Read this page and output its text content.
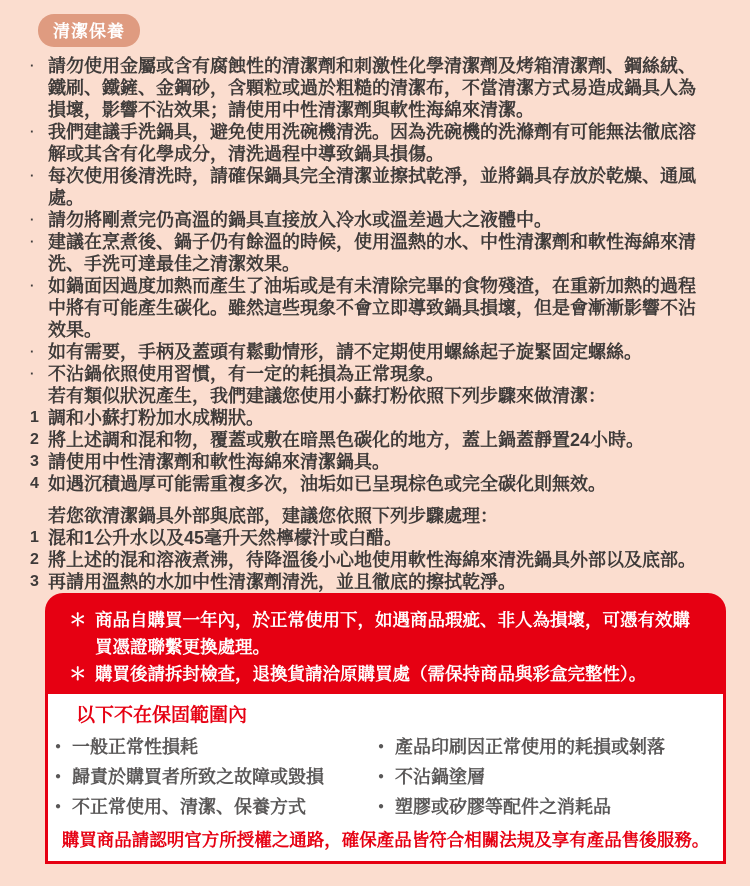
清潔保養
· 請勿使用金屬或含有腐蝕性的清潔劑和刺激性化學清潔劑及烤箱清潔劑、鋼絲絨、鐵刷、鐵鏟、金鋼砂，含顆粒或過於粗糙的清潔布，不當清潔方式易造成鍋具人為損壞，影響不沾效果；請使用中性清潔劑與軟性海綿來清潔。
· 我們建議手洗鍋具，避免使用洗碗機清洗。因為洗碗機的洗滌劑有可能無法徹底溶解或其含有化學成分，清洗過程中導致鍋具損傷。
· 每次使用後清洗時，請確保鍋具完全清潔並擦拭乾淨，並將鍋具存放於乾燥、通風處。
· 請勿將剛煮完仍高溫的鍋具直接放入冷水或溫差過大之液體中。
· 建議在烹煮後、鍋子仍有餘溫的時候，使用溫熱的水、中性清潔劑和軟性海綿來清洗、手洗可達最佳之清潔效果。
· 如鍋面因過度加熱而產生了油垢或是有未清除完畢的食物殘渣，在重新加熱的過程中將有可能產生碳化。雖然這些現象不會立即導致鍋具損壞，但是會漸漸影響不沾效果。
· 如有需要，手柄及蓋頭有鬆動情形，請不定期使用螺絲起子旋緊固定螺絲。
· 不沾鍋依照使用習慣，有一定的耗損為正常現象。
若有類似狀況產生，我們建議您使用小蘇打粉依照下列步驟來做清潔：
1 調和小蘇打粉加水成糊狀。
2 將上述調和混和物，覆蓋或敷在暗黑色碳化的地方，蓋上鍋蓋靜置24小時。
3 請使用中性清潔劑和軟性海綿來清潔鍋具。
4 如遇沉積過厚可能需重複多次，油垢如已呈現棕色或完全碳化則無效。
若您欲清潔鍋具外部與底部，建議您依照下列步驟處理：
1 混和1公升水以及45毫升天然檸檬汁或白醋。
2 將上述的混和溶液煮沸，待降溫後小心地使用軟性海綿來清洗鍋具外部以及底部。
3 再請用溫熱的水加中性清潔劑清洗，並且徹底的擦拭乾淨。
＊ 商品自購買一年內，於正常使用下，如遇商品瑕疵、非人為損壞，可憑有效購買憑證聯繫更換處理。
＊ 購買後請拆封檢查，退換貨請洽原購買處（需保持商品與彩盒完整性）。
以下不在保固範圍內
● 一般正常性損耗
● 歸責於購買者所致之故障或毀損
● 不正常使用、清潔、保養方式
● 產品印刷因正常使用的耗損或剝落
● 不沾鍋塗層
● 塑膠或矽膠等配件之消耗品
購買商品請認明官方所授權之通路，確保產品皆符合相關法規及享有產品售後服務。
